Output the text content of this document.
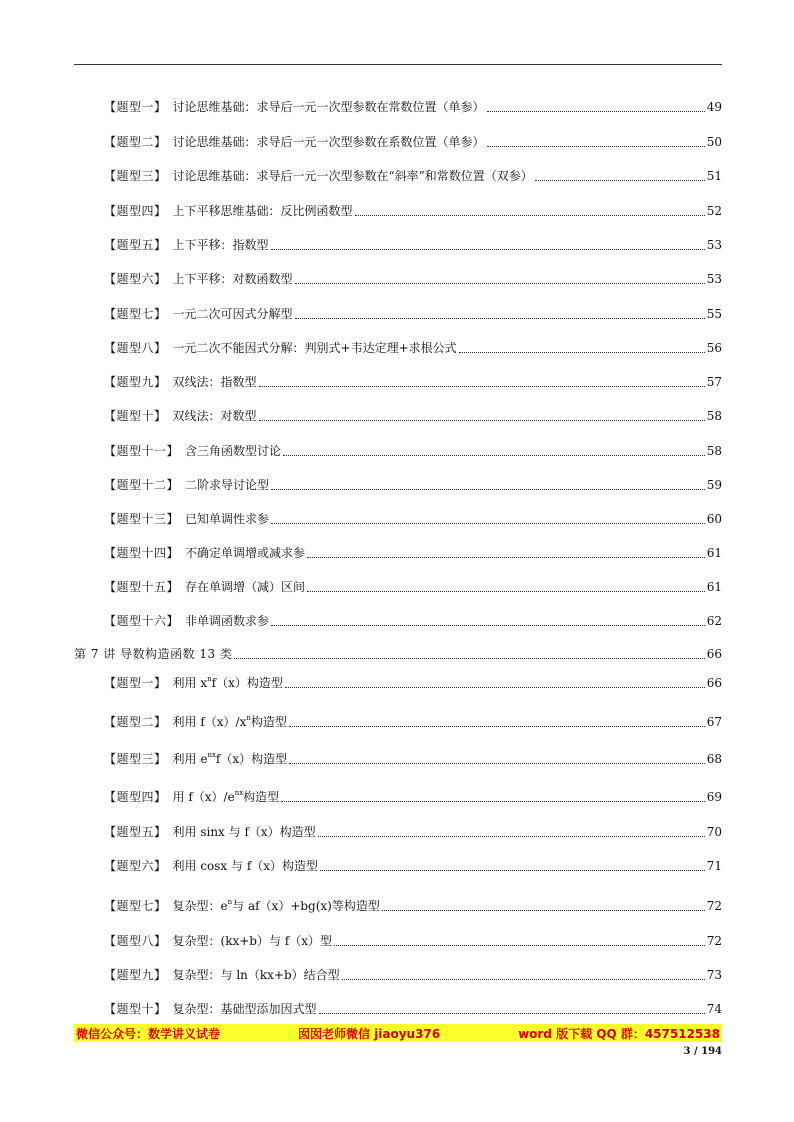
第 7 讲 导数构造函数 13 类	66
微信公众号：数学讲义试卷	囡囡老师微信 jiaoyu376	word 版下载 QQ 群：457512538
3 / 194
【题型一】 讨论思维基础：求导后一元一次型参数在常数位置（单参）	49
【题型二】 讨论思维基础：求导后一元一次型参数在系数位置（单参）	50
【题型三】 讨论思维基础：求导后一元一次型参数在“斜率”和常数位置（双参）	51
【题型四】 上下平移思维基础：反比例函数型	52
【题型五】 上下平移：指数型	53
【题型六】 上下平移：对数函数型	53
【题型七】 一元二次可因式分解型	55
【题型八】 一元二次不能因式分解：判别式+韦达定理+求根公式	56
【题型九】 双线法：指数型	57
【题型十】 双线法：对数型	58
【题型十一】 含三角函数型讨论	58
【题型十二】 二阶求导讨论型	59
【题型十三】 已知单调性求参	60
【题型十四】 不确定单调增或减求参	61
【题型十五】 存在单调增（减）区间	61
【题型十六】 非单调函数求参	62
【题型一】 利用 $x^nf(x)$构造型	66
【题型二】 利用 $f(x)/x^n$构造型	67
【题型三】 利用 $e^{nx}f(x)$构造型	68
【题型四】 用 $f(x)/e^{nx}$构造型	69
【题型五】 利用 sinx 与 f（x）构造型	70
【题型六】 利用 cosx 与 f（x）构造型	71
【题型七】 复杂型：$e^n$与 af（x）+bg(x)等构造型	72
【题型八】 复杂型：(kx+b）与 f（x）型	72
【题型九】 复杂型：与 ln（kx+b）结合型	73
【题型十】 复杂型：基础型添加因式型	74
